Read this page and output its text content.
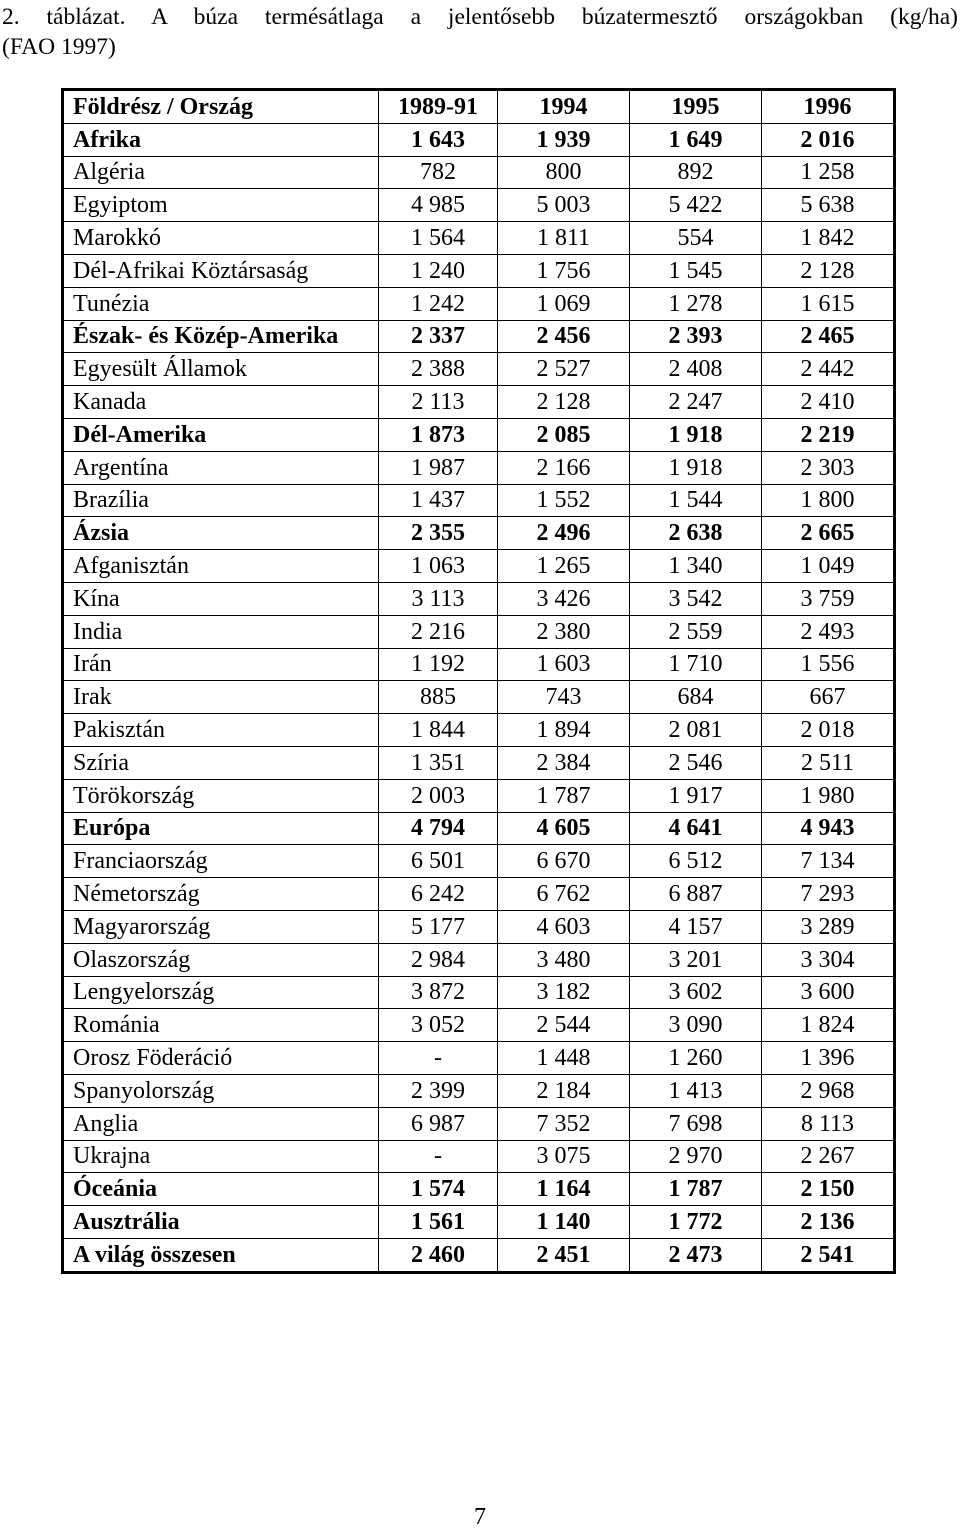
2. táblázat. A búza termésátlaga a jelentősebb búzatermesztő országokban (kg/ha)

(FAO 1997)

Földrész / Ország	1989-91	1994	1995	1996
Afrika	1 643	1 939	1 649	2 016
Algéria	782	800	892	1 258
Egyiptom	4 985	5 003	5 422	5 638
Marokkó	1 564	1 811	554	1 842
Dél-Afrikai Köztársaság	1 240	1 756	1 545	2 128
Tunézia	1 242	1 069	1 278	1 615
Észak- és Közép-Amerika	2 337	2 456	2 393	2 465
Egyesült Államok	2 388	2 527	2 408	2 442
Kanada	2 113	2 128	2 247	2 410
Dél-Amerika	1 873	2 085	1 918	2 219
Argentína	1 987	2 166	1 918	2 303
Brazília	1 437	1 552	1 544	1 800
Ázsia	2 355	2 496	2 638	2 665
Afganisztán	1 063	1 265	1 340	1 049
Kína	3 113	3 426	3 542	3 759
India	2 216	2 380	2 559	2 493
Irán	1 192	1 603	1 710	1 556
Irak	885	743	684	667
Pakisztán	1 844	1 894	2 081	2 018
Szíria	1 351	2 384	2 546	2 511
Törökország	2 003	1 787	1 917	1 980
Európa	4 794	4 605	4 641	4 943
Franciaország	6 501	6 670	6 512	7 134
Németország	6 242	6 762	6 887	7 293
Magyarország	5 177	4 603	4 157	3 289
Olaszország	2 984	3 480	3 201	3 304
Lengyelország	3 872	3 182	3 602	3 600
Románia	3 052	2 544	3 090	1 824
Orosz Föderáció	-	1 448	1 260	1 396
Spanyolország	2 399	2 184	1 413	2 968
Anglia	6 987	7 352	7 698	8 113
Ukrajna	-	3 075	2 970	2 267
Óceánia	1 574	1 164	1 787	2 150
Ausztrália	1 561	1 140	1 772	2 136
A világ összesen	2 460	2 451	2 473	2 541
7
